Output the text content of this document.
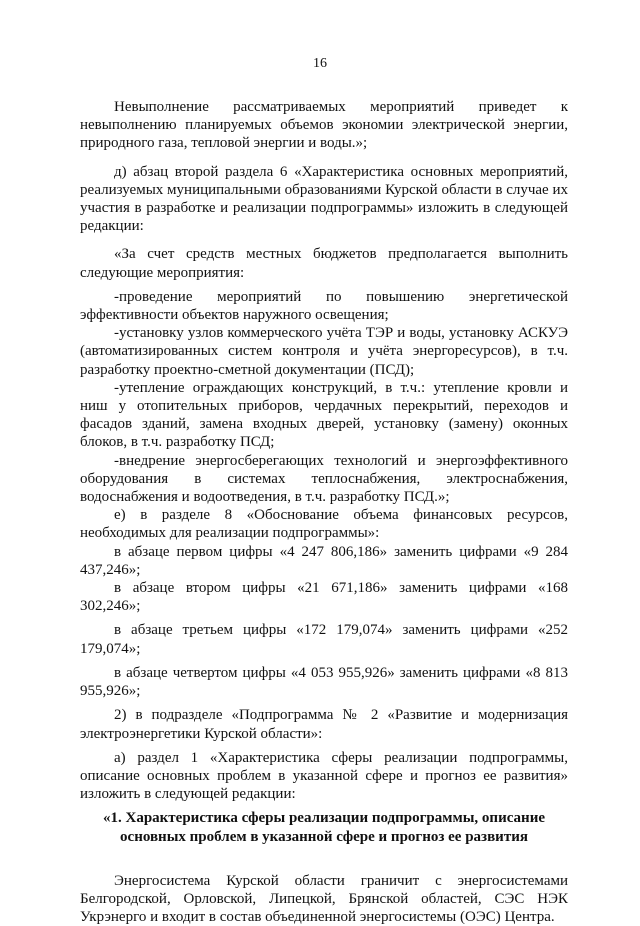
16

Невыполнение рассматриваемых мероприятий приведет к невыполнению планируемых объемов экономии электрической энергии, природного газа, тепловой энергии и воды.»;

д) абзац второй раздела 6 «Характеристика основных мероприятий, реализуемых муниципальными образованиями Курской области в случае их участия в разработке и реализации подпрограммы» изложить в следующей редакции:

«За счет средств местных бюджетов предполагается выполнить следующие мероприятия:

-проведение мероприятий по повышению энергетической эффективности объектов наружного освещения;

-установку узлов коммерческого учёта ТЭР и воды, установку АСКУЭ (автоматизированных систем контроля и учёта энергоресурсов), в т.ч. разработку проектно-сметной документации (ПСД);

-утепление ограждающих конструкций, в т.ч.: утепление кровли и ниш у отопительных приборов, чердачных перекрытий, переходов и фасадов зданий, замена входных дверей, установку (замену) оконных блоков, в т.ч. разработку ПСД;

-внедрение энергосберегающих технологий и энергоэффективного оборудования в системах теплоснабжения, электроснабжения, водоснабжения и водоотведения, в т.ч. разработку ПСД.»;

е) в разделе 8 «Обоснование объема финансовых ресурсов, необходимых для реализации подпрограммы»:

в абзаце первом цифры «4 247 806,186» заменить цифрами «9 284 437,246»;

в абзаце втором цифры «21 671,186» заменить цифрами «168 302,246»;

в абзаце третьем цифры «172 179,074» заменить цифрами «252 179,074»;

в абзаце четвертом цифры «4 053 955,926» заменить цифрами «8 813 955,926»;

2) в подразделе «Подпрограмма № 2 «Развитие и модернизация электроэнергетики Курской области»:

а) раздел 1 «Характеристика сферы реализации подпрограммы, описание основных проблем в указанной сфере и прогноз ее развития» изложить в следующей редакции:

«1. Характеристика сферы реализации подпрограммы, описание основных проблем в указанной сфере и прогноз ее развития

Энергосистема Курской области граничит с энергосистемами Белгородской, Орловской, Липецкой, Брянской областей, СЭС НЭК Укрэнерго и входит в состав объединенной энергосистемы (ОЭС) Центра.
